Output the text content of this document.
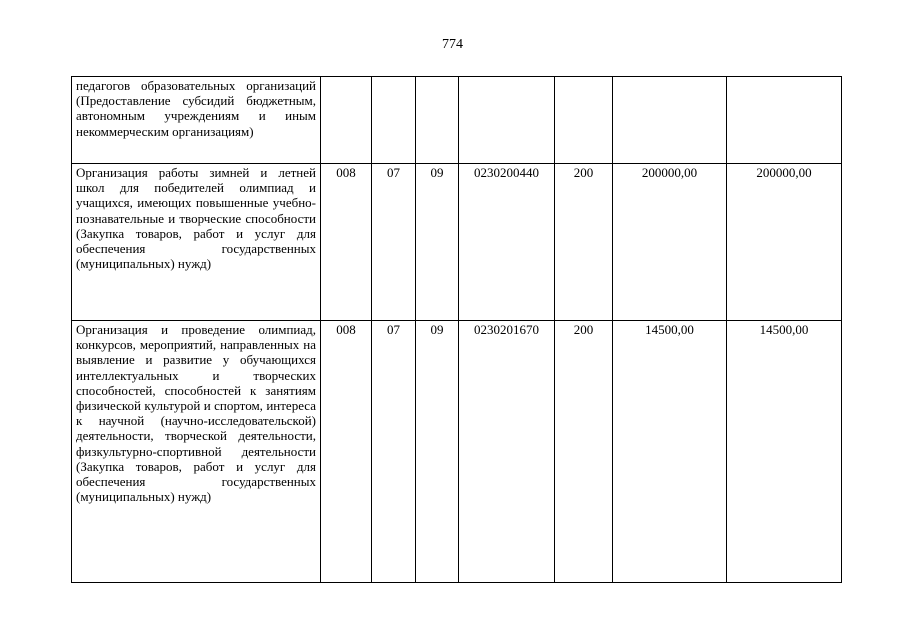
774
педагогов образовательных организаций (Предоставление субсидий бюджетным, автономным учреждениям и иным некоммерческим организациям)							
Организация работы зимней и летней школ для победителей олимпиад и учащихся, имеющих повышенные учебно-познавательные и творческие способности (Закупка товаров, работ и услуг для обеспечения государственных (муниципальных) нужд)	008	07	09	0230200440	200	200000,00	200000,00
Организация и проведение олимпиад, конкурсов, мероприятий, направленных на выявление и развитие у обучающихся интеллектуальных и творческих способностей, способностей к занятиям физической культурой и спортом, интереса к научной (научно-исследовательской) деятельности, творческой деятельности, физкультурно-спортивной деятельности (Закупка товаров, работ и услуг для обеспечения государственных (муниципальных) нужд)	008	07	09	0230201670	200	14500,00	14500,00
